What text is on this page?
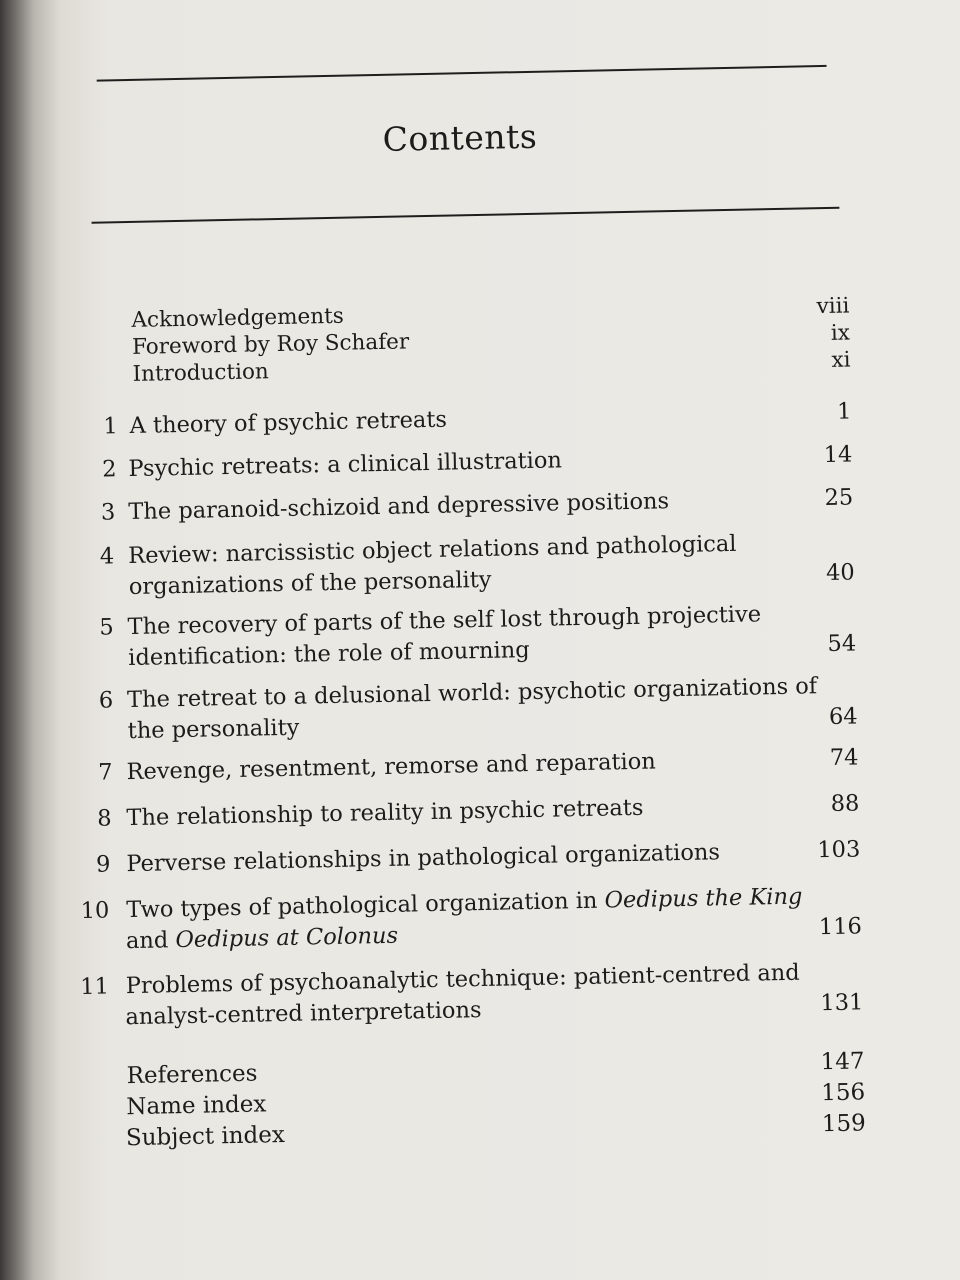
Contents
Acknowledgements	viii
Foreword by Roy Schafer	ix
Introduction	xi
1 A theory of psychic retreats	1
2 Psychic retreats: a clinical illustration	14
3 The paranoid-schizoid and depressive positions	25
4 Review: narcissistic object relations and pathological
organizations of the personality	40
5 The recovery of parts of the self lost through projective
identification: the role of mourning	54
6 The retreat to a delusional world: psychotic organizations of
the personality	64
7 Revenge, resentment, remorse and reparation	74
8 The relationship to reality in psychic retreats	88
9 Perverse relationships in pathological organizations	103
10 Two types of pathological organization in Oedipus the King
and Oedipus at Colonus	116
11 Problems of psychoanalytic technique: patient-centred and
analyst-centred interpretations	131
References	147
Name index	156
Subject index	159
